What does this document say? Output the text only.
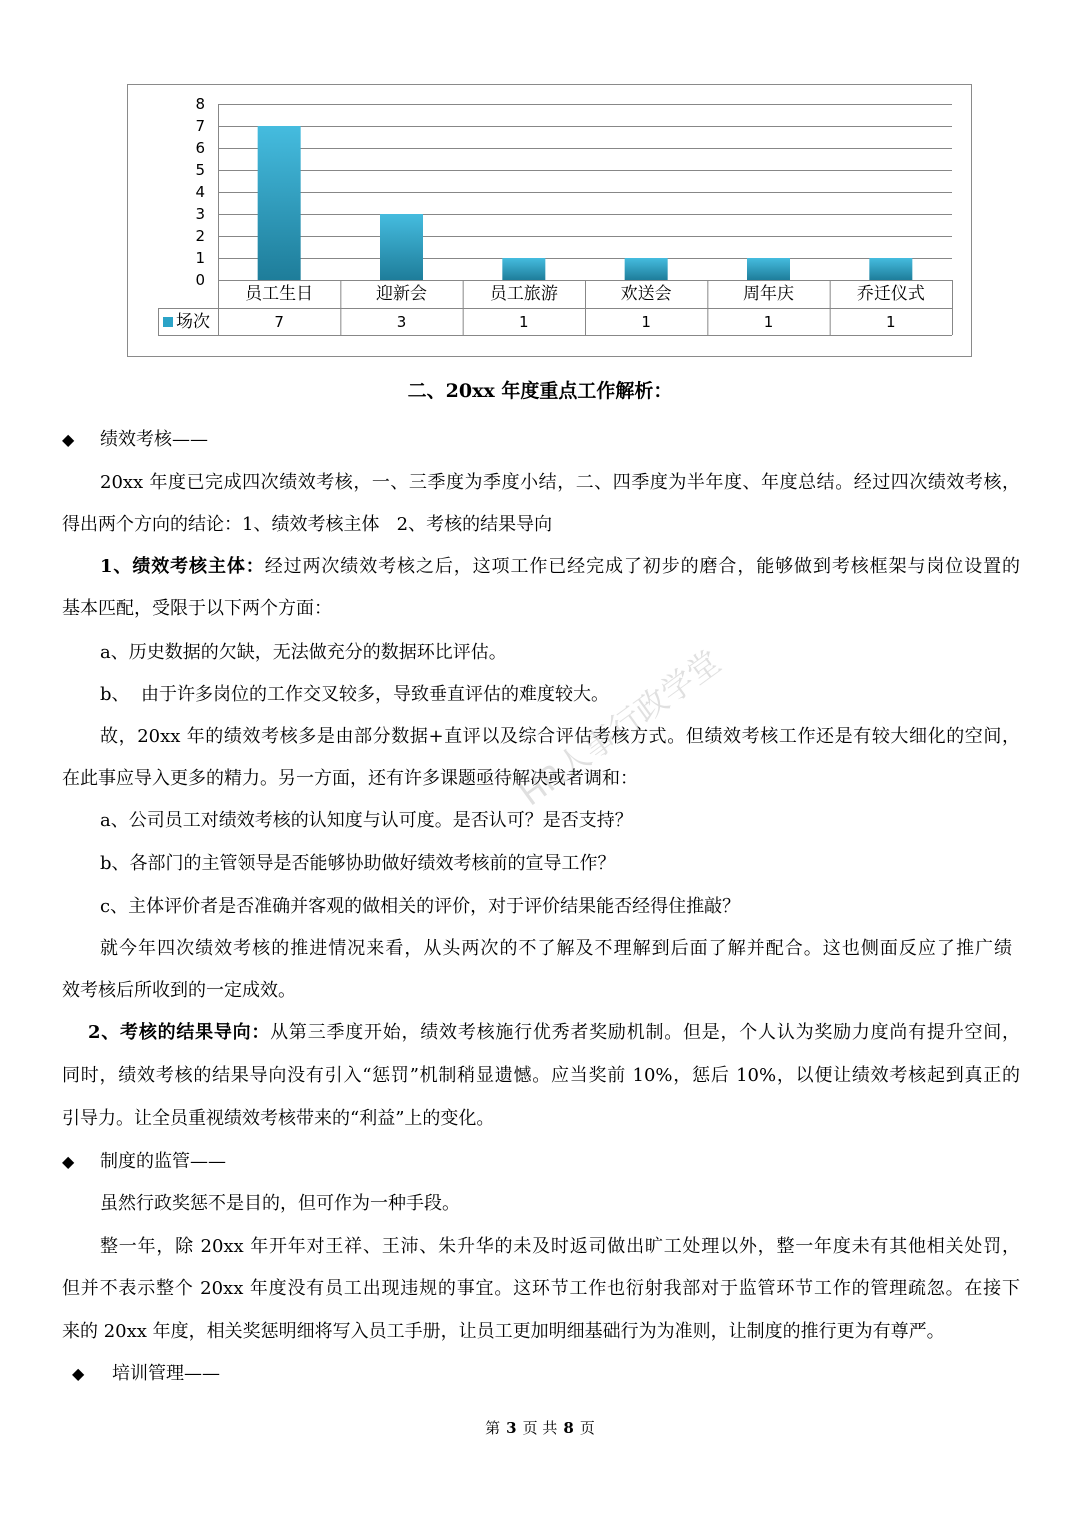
0
1
2
3
4
5
6
7
8
员工生日
7
迎新会
3
员工旅游
1
欢送会
1
周年庆
1
乔迁仪式
1
场次
二、20xx 年度重点工作解析：
HR人事行政学堂
◆ 绩效考核——
20xx 年度已完成四次绩效考核，一、三季度为季度小结，二、四季度为半年度、年度总结。经过四次绩效考核，
得出两个方向的结论：1、绩效考核主体   2、考核的结果导向
1、绩效考核主体：经过两次绩效考核之后，这项工作已经完成了初步的磨合，能够做到考核框架与岗位设置的
基本匹配，受限于以下两个方面：
a、历史数据的欠缺，无法做充分的数据环比评估。
b、  由于许多岗位的工作交叉较多，导致垂直评估的难度较大。
故，20xx 年的绩效考核多是由部分数据+直评以及综合评估考核方式。但绩效考核工作还是有较大细化的空间，
在此事应导入更多的精力。另一方面，还有许多课题亟待解决或者调和：
a、公司员工对绩效考核的认知度与认可度。是否认可？是否支持？
b、各部门的主管领导是否能够协助做好绩效考核前的宣导工作？
c、主体评价者是否准确并客观的做相关的评价，对于评价结果能否经得住推敲？
就今年四次绩效考核的推进情况来看，从头两次的不了解及不理解到后面了解并配合。这也侧面反应了推广绩
效考核后所收到的一定成效。
2、考核的结果导向：从第三季度开始，绩效考核施行优秀者奖励机制。但是，个人认为奖励力度尚有提升空间，
同时，绩效考核的结果导向没有引入“惩罚”机制稍显遗憾。应当奖前 10%，惩后 10%，以便让绩效考核起到真正的
引导力。让全员重视绩效考核带来的“利益”上的变化。
◆ 制度的监管——
虽然行政奖惩不是目的，但可作为一种手段。
整一年，除 20xx 年开年对王祥、王沛、朱升华的未及时返司做出旷工处理以外，整一年度未有其他相关处罚，
但并不表示整个 20xx 年度没有员工出现违规的事宜。这环节工作也衍射我部对于监管环节工作的管理疏忽。在接下
来的 20xx 年度，相关奖惩明细将写入员工手册，让员工更加明细基础行为为准则，让制度的推行更为有尊严。
◆ 培训管理——
第 3 页 共 8 页
